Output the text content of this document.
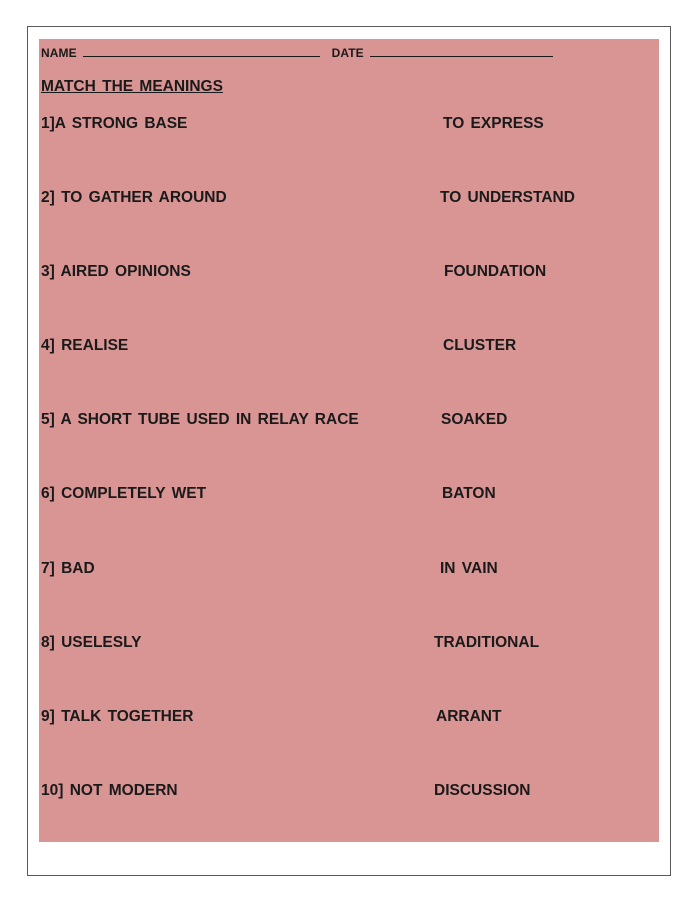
NAME	DATE
MATCH THE MEANINGS
1]A STRONG BASE
2] TO GATHER AROUND
3] AIRED OPINIONS
4] REALISE
5] A SHORT TUBE USED IN RELAY RACE
6] COMPLETELY WET
7] BAD
8] USELESLY
9] TALK TOGETHER
10] NOT MODERN
TO EXPRESS
TO UNDERSTAND
FOUNDATION
CLUSTER
SOAKED
BATON
IN VAIN
TRADITIONAL
ARRANT
DISCUSSION
